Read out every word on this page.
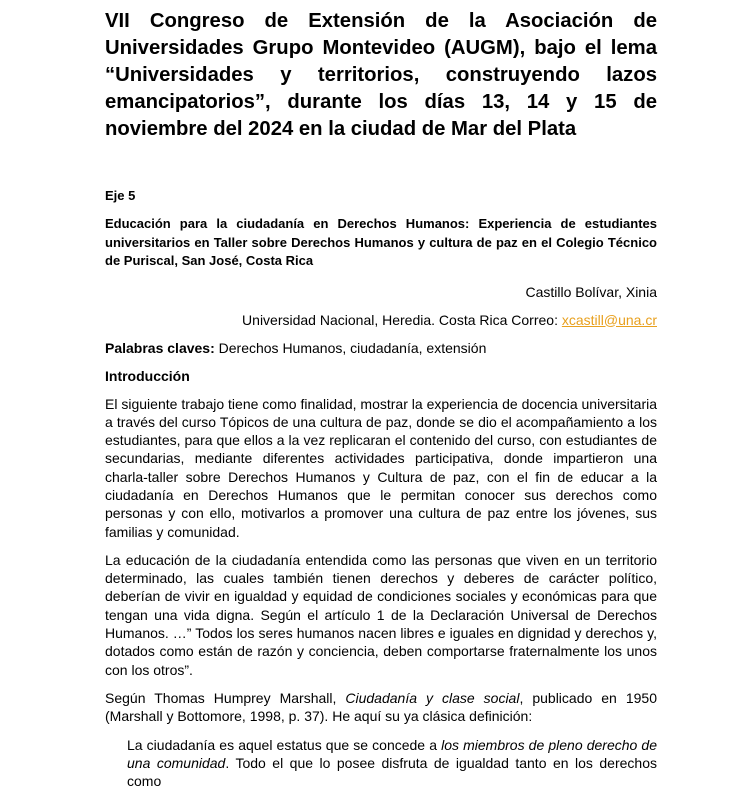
VII Congreso de Extensión de la Asociación de Universidades Grupo Montevideo (AUGM), bajo el lema “Universidades y territorios, construyendo lazos emancipatorios”, durante los días 13, 14 y 15 de noviembre del 2024 en la ciudad de Mar del Plata
Eje 5
Educación para la ciudadanía en Derechos Humanos: Experiencia de estudiantes universitarios en Taller sobre Derechos Humanos y cultura de paz en el Colegio Técnico de Puriscal, San José, Costa Rica
Castillo Bolívar, Xinia
Universidad Nacional, Heredia. Costa Rica Correo: xcastill@una.cr
Palabras claves: Derechos Humanos, ciudadanía, extensión
Introducción

El siguiente trabajo tiene como finalidad, mostrar la experiencia de docencia universitaria a través del curso Tópicos de una cultura de paz, donde se dio el acompañamiento a los estudiantes, para que ellos a la vez replicaran el contenido del curso, con estudiantes de secundarias, mediante diferentes actividades participativa, donde impartieron una charla-taller sobre Derechos Humanos y Cultura de paz, con el fin de educar a la ciudadanía en Derechos Humanos que le permitan conocer sus derechos como personas y con ello, motivarlos a promover una cultura de paz entre los jóvenes, sus familias y comunidad.

La educación de la ciudadanía entendida como las personas que viven en un territorio determinado, las cuales también tienen derechos y deberes de carácter político, deberían de vivir en igualdad y equidad de condiciones sociales y económicas para que tengan una vida digna. Según el artículo 1 de la Declaración Universal de Derechos Humanos. …” Todos los seres humanos nacen libres e iguales en dignidad y derechos y, dotados como están de razón y conciencia, deben comportarse fraternalmente los unos con los otros”.

Según Thomas Humprey Marshall, Ciudadanía y clase social, publicado en 1950 (Marshall y Bottomore, 1998, p. 37). He aquí su ya clásica definición:

La ciudadanía es aquel estatus que se concede a los miembros de pleno derecho de una comunidad. Todo el que lo posee disfruta de igualdad tanto en los derechos como
